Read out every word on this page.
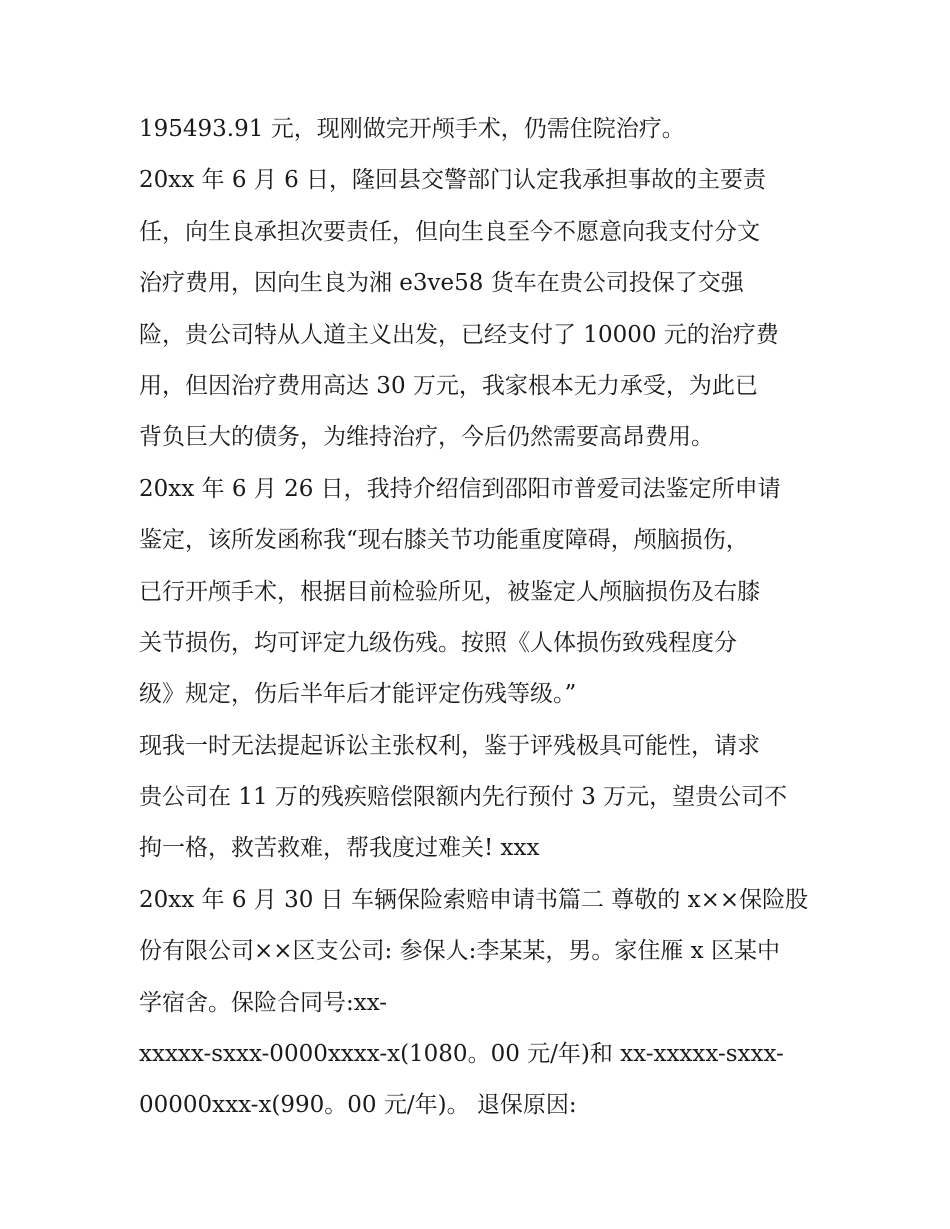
195493.91 元，现刚做完开颅手术，仍需住院治疗。

20xx 年 6 月 6 日，隆回县交警部门认定我承担事故的主要责

任，向生良承担次要责任，但向生良至今不愿意向我支付分文

治疗费用，因向生良为湘 e3ve58 货车在贵公司投保了交强

险，贵公司特从人道主义出发，已经支付了 10000 元的治疗费

用，但因治疗费用高达 30 万元，我家根本无力承受，为此已

背负巨大的债务，为维持治疗，今后仍然需要高昂费用。

20xx 年 6 月 26 日，我持介绍信到邵阳市普爱司法鉴定所申请

鉴定，该所发函称我“现右膝关节功能重度障碍，颅脑损伤，

已行开颅手术，根据目前检验所见，被鉴定人颅脑损伤及右膝

关节损伤，均可评定九级伤残。按照《人体损伤致残程度分

级》规定，伤后半年后才能评定伤残等级。”

现我一时无法提起诉讼主张权利，鉴于评残极具可能性，请求

贵公司在 11 万的残疾赔偿限额内先行预付 3 万元，望贵公司不

拘一格，救苦救难，帮我度过难关! xxx

20xx 年 6 月 30 日 车辆保险索赔申请书篇二 尊敬的 x××保险股

份有限公司××区支公司: 参保人:李某某，男。家住雁 x 区某中

学宿舍。保险合同号:xx-

xxxxx-sxxx-0000xxxx-x(1080。00 元/年)和 xx-xxxxx-sxxx-

00000xxx-x(990。00 元/年)。 退保原因:
